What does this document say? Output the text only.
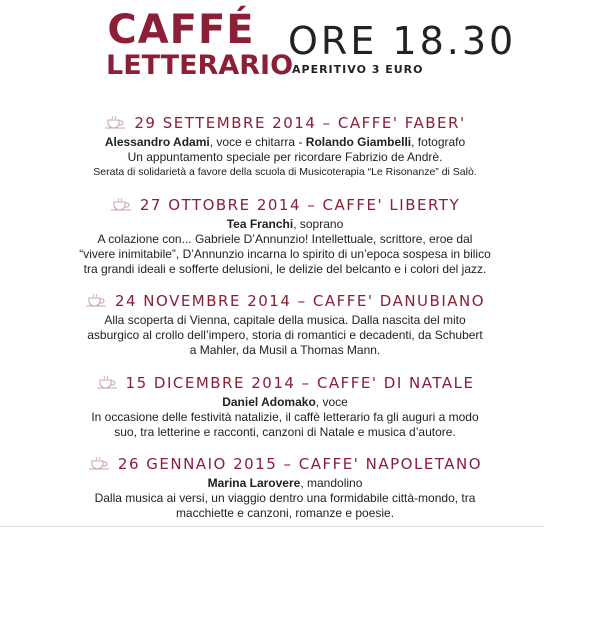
CAFFÉ
LETTERARIO
ORE 18.30
APERITIVO 3 EURO
29 SETTEMBRE 2014 – CAFFE' FABER'
Alessandro Adami, voce e chitarra - Rolando Giambelli, fotografo
Un appuntamento speciale per ricordare Fabrizio de Andrè.
Serata di solidarietà a favore della scuola di Musicoterapia “Le Risonanze” di Salò.
27 OTTOBRE 2014 – CAFFE' LIBERTY
Tea Franchi, soprano
A colazione con... Gabriele D’Annunzio! Intellettuale, scrittore, eroe dal
“vivere inimitabile”, D’Annunzio incarna lo spirito di un’epoca sospesa in bilico
tra grandi ideali e sofferte delusioni, le delizie del belcanto e i colori del jazz.
24 NOVEMBRE 2014 – CAFFE' DANUBIANO
Alla scoperta di Vienna, capitale della musica. Dalla nascita del mito
asburgico al crollo dell’impero, storia di romantici e decadenti, da Schubert
a Mahler, da Musil a Thomas Mann.
15 DICEMBRE 2014 – CAFFE' DI NATALE
Daniel Adomako, voce
In occasione delle festività natalizie, il caffè letterario fa gli auguri a modo
suo, tra letterine e racconti, canzoni di Natale e musica d’autore.
26 GENNAIO 2015 – CAFFE' NAPOLETANO
Marina Larovere, mandolino
Dalla musica ai versi, un viaggio dentro una formidabile città-mondo, tra
macchiette e canzoni, romanze e poesie.
